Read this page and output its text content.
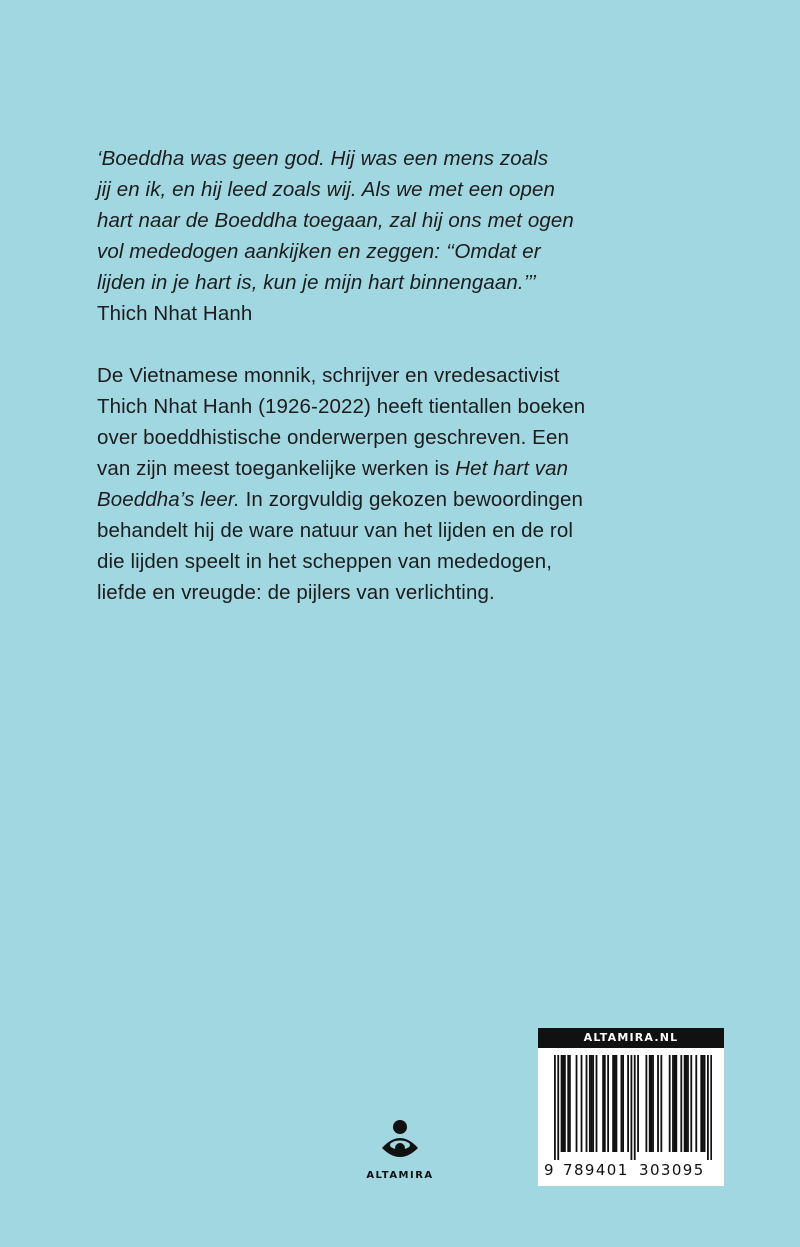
‘Boeddha was geen god. Hij was een mens zoals
jij en ik, en hij leed zoals wij. Als we met een open
hart naar de Boeddha toegaan, zal hij ons met ogen
vol mededogen aankijken en zeggen: ‘‘Omdat er
lijden in je hart is, kun je mijn hart binnengaan.’’’
Thich Nhat Hanh
De Vietnamese monnik, schrijver en vredesactivist
Thich Nhat Hanh (1926-2022) heeft tientallen boeken
over boeddhistische onderwerpen geschreven. Een
van zijn meest toegankelijke werken is Het hart van
Boeddha’s leer. In zorgvuldig gekozen bewoordingen
behandelt hij de ware natuur van het lijden en de rol
die lijden speelt in het scheppen van mededogen,
liefde en vreugde: de pijlers van verlichting.
ALTAMIRA
ALTAMIRA.NL
9 789401 303095
